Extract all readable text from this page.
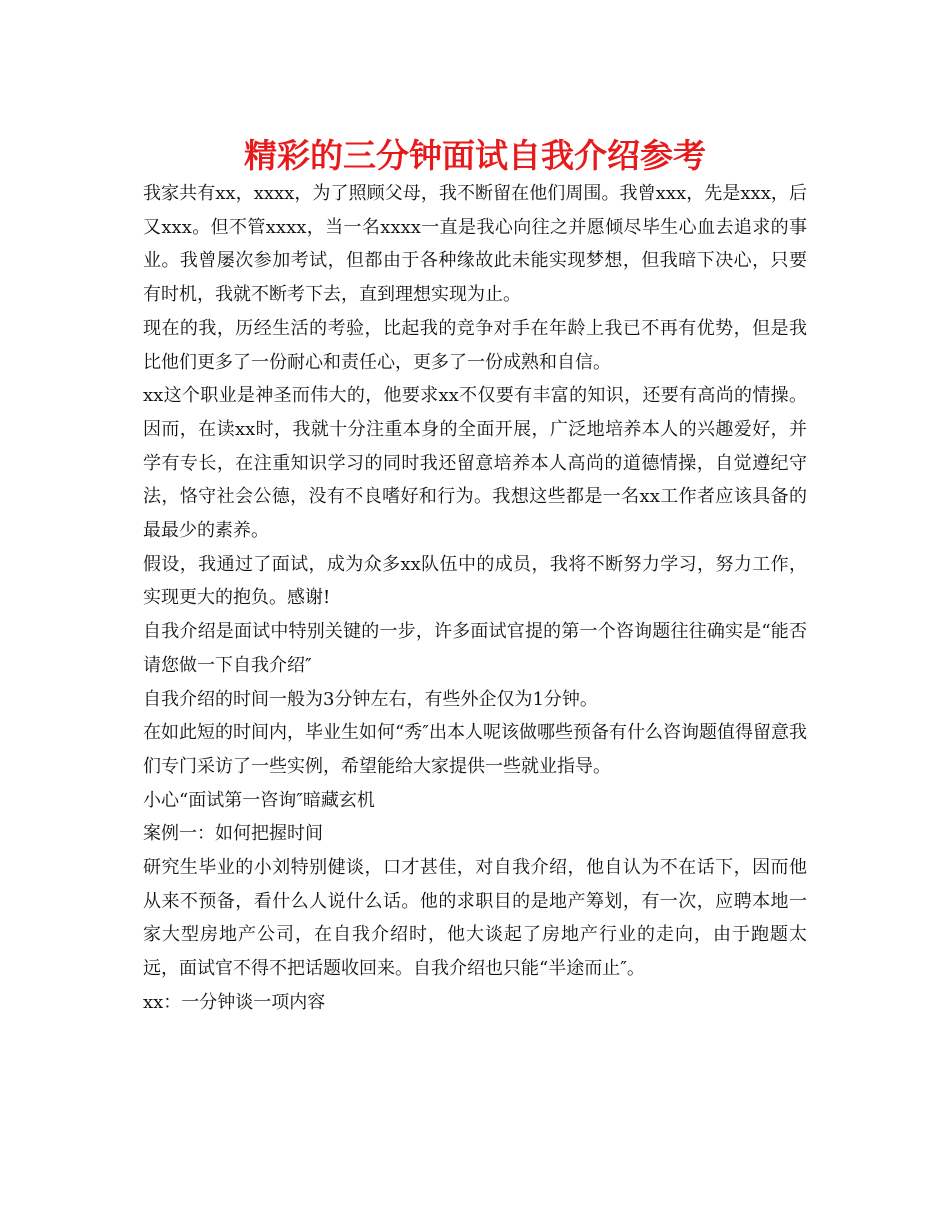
精彩的三分钟面试自我介绍参考

我家共有xx，xxxx，为了照顾父母，我不断留在他们周围。我曾xxx，先是xxx，后又xxx。但不管xxxx，当一名xxxx一直是我心向往之并愿倾尽毕生心血去追求的事业。我曾屡次参加考试，但都由于各种缘故此未能实现梦想，但我暗下决心，只要有时机，我就不断考下去，直到理想实现为止。

现在的我，历经生活的考验，比起我的竞争对手在年龄上我已不再有优势，但是我比他们更多了一份耐心和责任心，更多了一份成熟和自信。

xx这个职业是神圣而伟大的，他要求xx不仅要有丰富的知识，还要有高尚的情操。因而，在读xx时，我就十分注重本身的全面开展，广泛地培养本人的兴趣爱好，并学有专长，在注重知识学习的同时我还留意培养本人高尚的道德情操，自觉遵纪守法，恪守社会公德，没有不良嗜好和行为。我想这些都是一名xx工作者应该具备的最最少的素养。

假设，我通过了面试，成为众多xx队伍中的成员，我将不断努力学习，努力工作，实现更大的抱负。感谢!

自我介绍是面试中特别关键的一步，许多面试官提的第一个咨询题往往确实是“能否请您做一下自我介绍″

自我介绍的时间一般为3分钟左右，有些外企仅为1分钟。

在如此短的时间内，毕业生如何“秀″出本人呢该做哪些预备有什么咨询题值得留意我们专门采访了一些实例，希望能给大家提供一些就业指导。

小心“面试第一咨询″暗藏玄机

案例一：如何把握时间

研究生毕业的小刘特别健谈，口才甚佳，对自我介绍，他自认为不在话下，因而他从来不预备，看什么人说什么话。他的求职目的是地产筹划，有一次，应聘本地一家大型房地产公司，在自我介绍时，他大谈起了房地产行业的走向，由于跑题太远，面试官不得不把话题收回来。自我介绍也只能“半途而止″。

xx：一分钟谈一项内容
